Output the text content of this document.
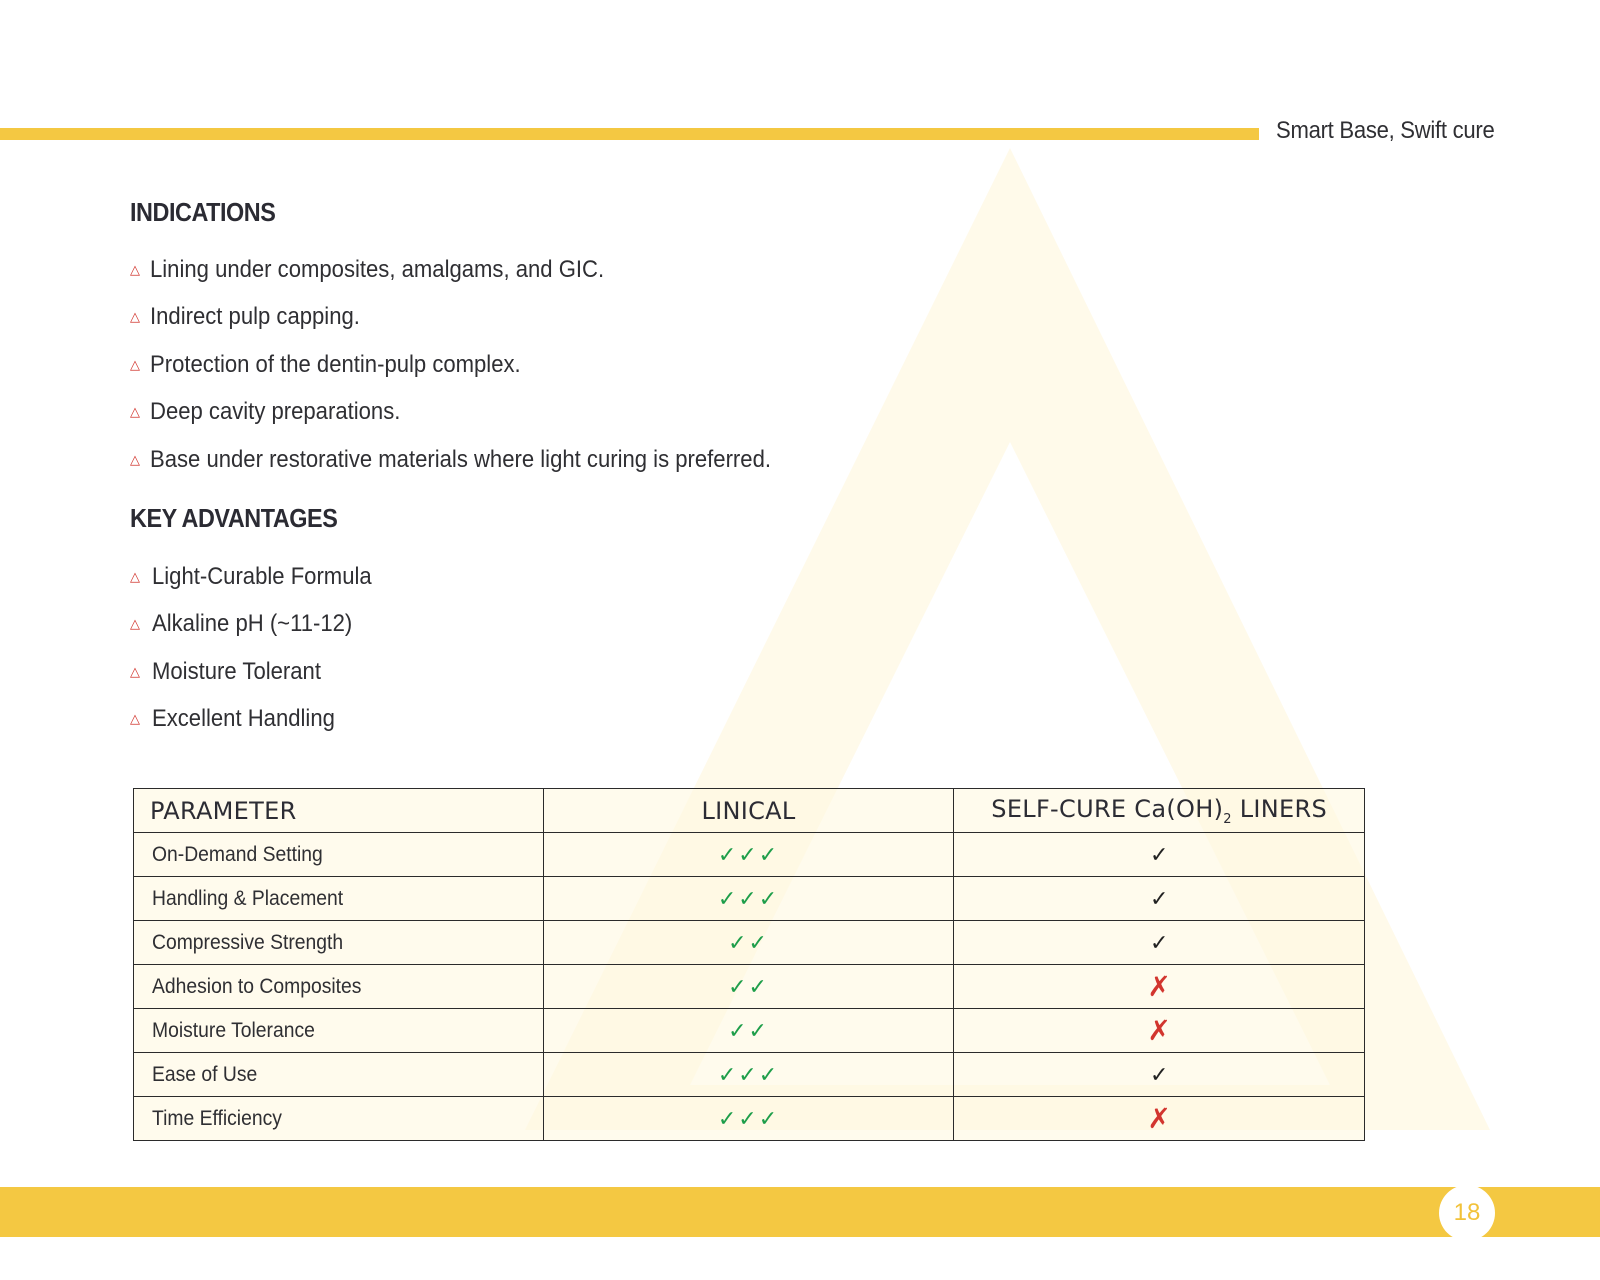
Smart Base, Swift cure
INDICATIONS
△ Lining under composites, amalgams, and GIC.
△ Indirect pulp capping.
△ Protection of the dentin-pulp complex.
△ Deep cavity preparations.
△ Base under restorative materials where light curing is preferred.
KEY ADVANTAGES
△ Light-Curable Formula
△ Alkaline pH (~11-12)
△ Moisture Tolerant
△ Excellent Handling
PARAMETER	LINICAL	SELF-CURE $Ca(OH)_2$ LINERS
On-Demand Setting	✓✓✓	✓
Handling & Placement	✓✓✓	✓
Compressive Strength	✓✓	✓
Adhesion to Composites	✓✓	✗
Moisture Tolerance	✓✓	✗
Ease of Use	✓✓✓	✓
Time Efficiency	✓✓✓	✗
18
